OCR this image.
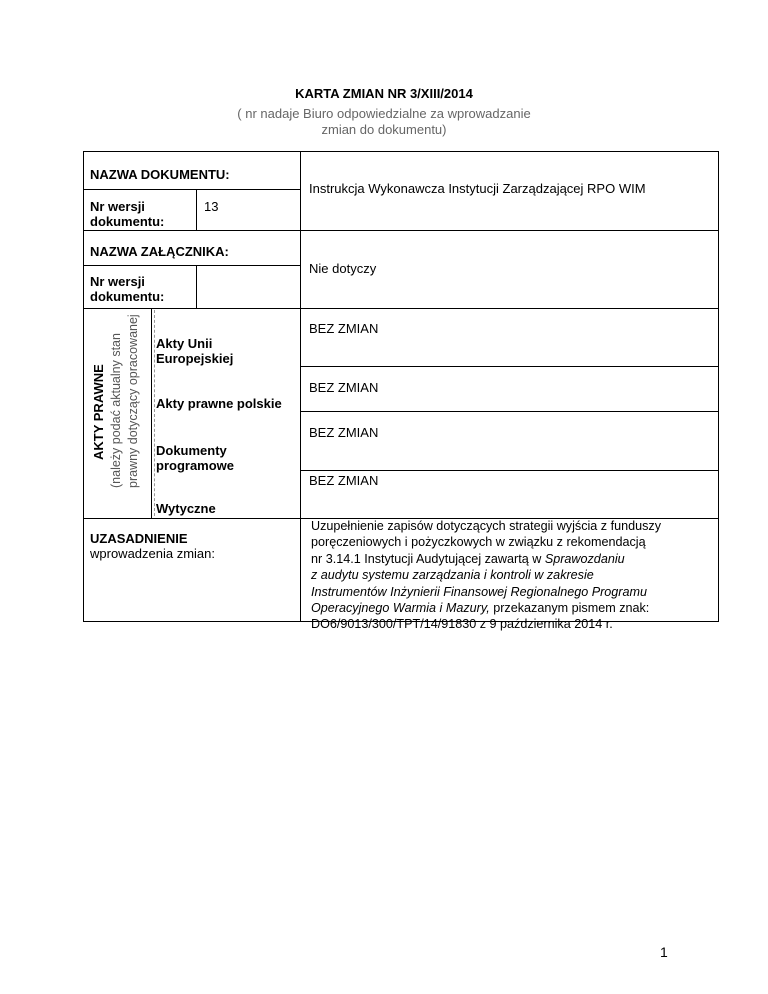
KARTA ZMIAN NR 3/XIII/2014
( nr nadaje Biuro odpowiedzialne za wprowadzanie
zmian do dokumentu)
NAZWA DOKUMENTU:
Instrukcja Wykonawcza Instytucji Zarządzającej RPO WIM
Nr wersji
dokumentu:
13
NAZWA ZAŁĄCZNIKA:
Nie dotyczy
Nr wersji
dokumentu:
AKTY PRAWNE (należy podać aktualny stan prawny dotyczący opracowanej Akty Unii
Europejskiej
BEZ ZMIAN
Akty prawne polskie
BEZ ZMIAN
Dokumenty
programowe
BEZ ZMIAN
Wytyczne
BEZ ZMIAN
UZASADNIENIE
wprowadzenia zmian:
Uzupełnienie zapisów dotyczących strategii wyjścia z funduszy
poręczeniowych i pożyczkowych w związku z rekomendacją
nr 3.14.1 Instytucji Audytującej zawartą w Sprawozdaniu
z audytu systemu zarządzania i kontroli w zakresie
Instrumentów Inżynierii Finansowej Regionalnego Programu
Operacyjnego Warmia i Mazury, przekazanym pismem znak:
DO6/9013/300/TPT/14/91830 z 9 października 2014 r.
1
